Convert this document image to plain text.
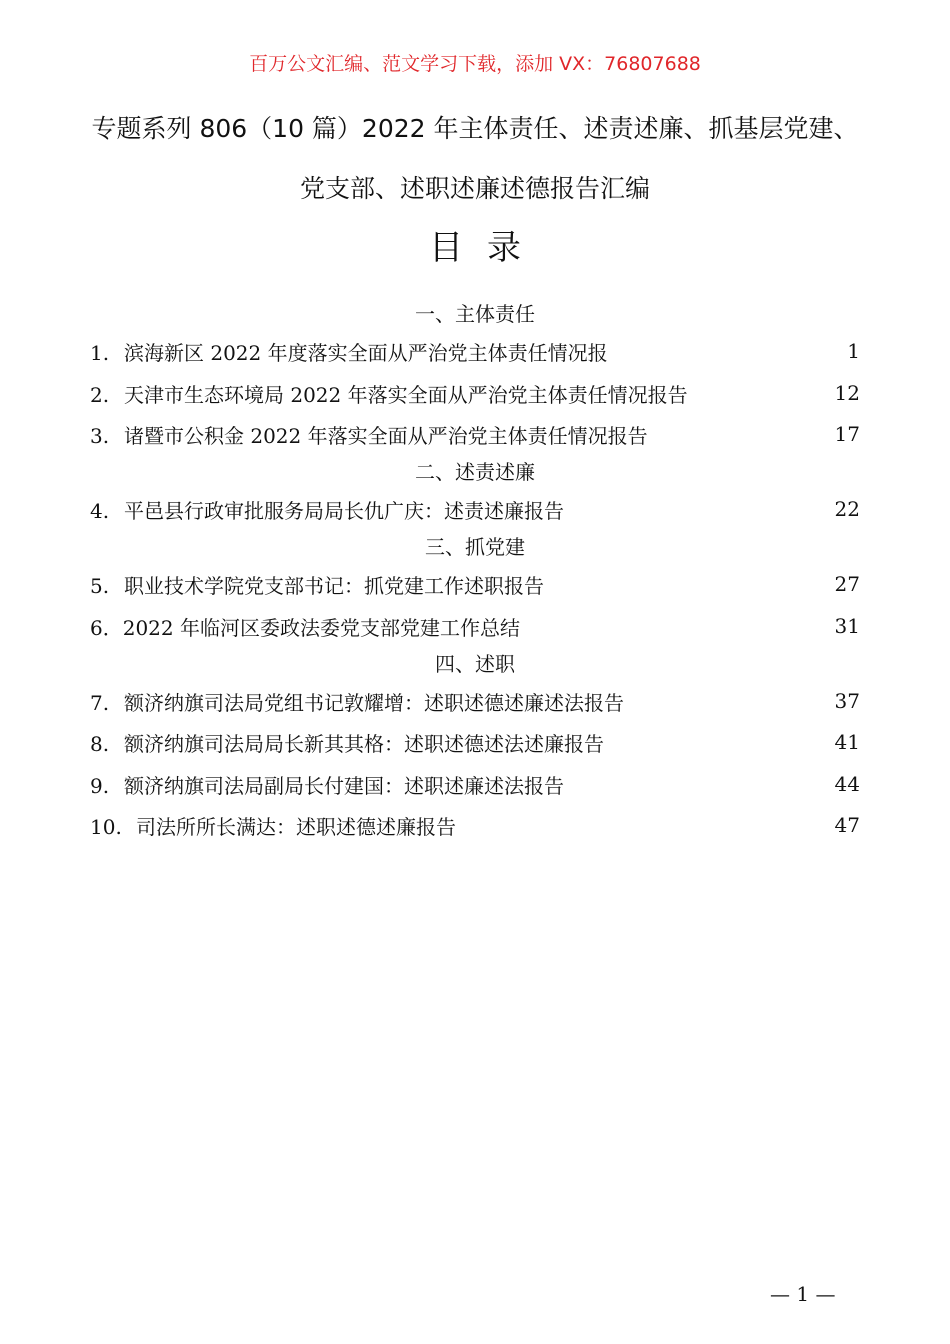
百万公文汇编、范文学习下载，添加 VX：76807688
专题系列 806（10 篇）2022 年主体责任、述责述廉、抓基层党建、
党支部、述职述廉述德报告汇编
目录
一、主体责任
1. 滨海新区 2022 年度落实全面从严治党主体责任情况报	1
2. 天津市生态环境局 2022 年落实全面从严治党主体责任情况报告	12
3. 诸暨市公积金 2022 年落实全面从严治党主体责任情况报告	17
二、述责述廉
4. 平邑县行政审批服务局局长仇广庆：述责述廉报告	22
三、抓党建
5. 职业技术学院党支部书记：抓党建工作述职报告	27
6．2022 年临河区委政法委党支部党建工作总结	31
四、述职
7. 额济纳旗司法局党组书记敦耀增：述职述德述廉述法报告	37
8. 额济纳旗司法局局长新其其格：述职述德述法述廉报告	41
9. 额济纳旗司法局副局长付建国：述职述廉述法报告	44
10. 司法所所长满达：述职述德述廉报告	47
— 1 —
